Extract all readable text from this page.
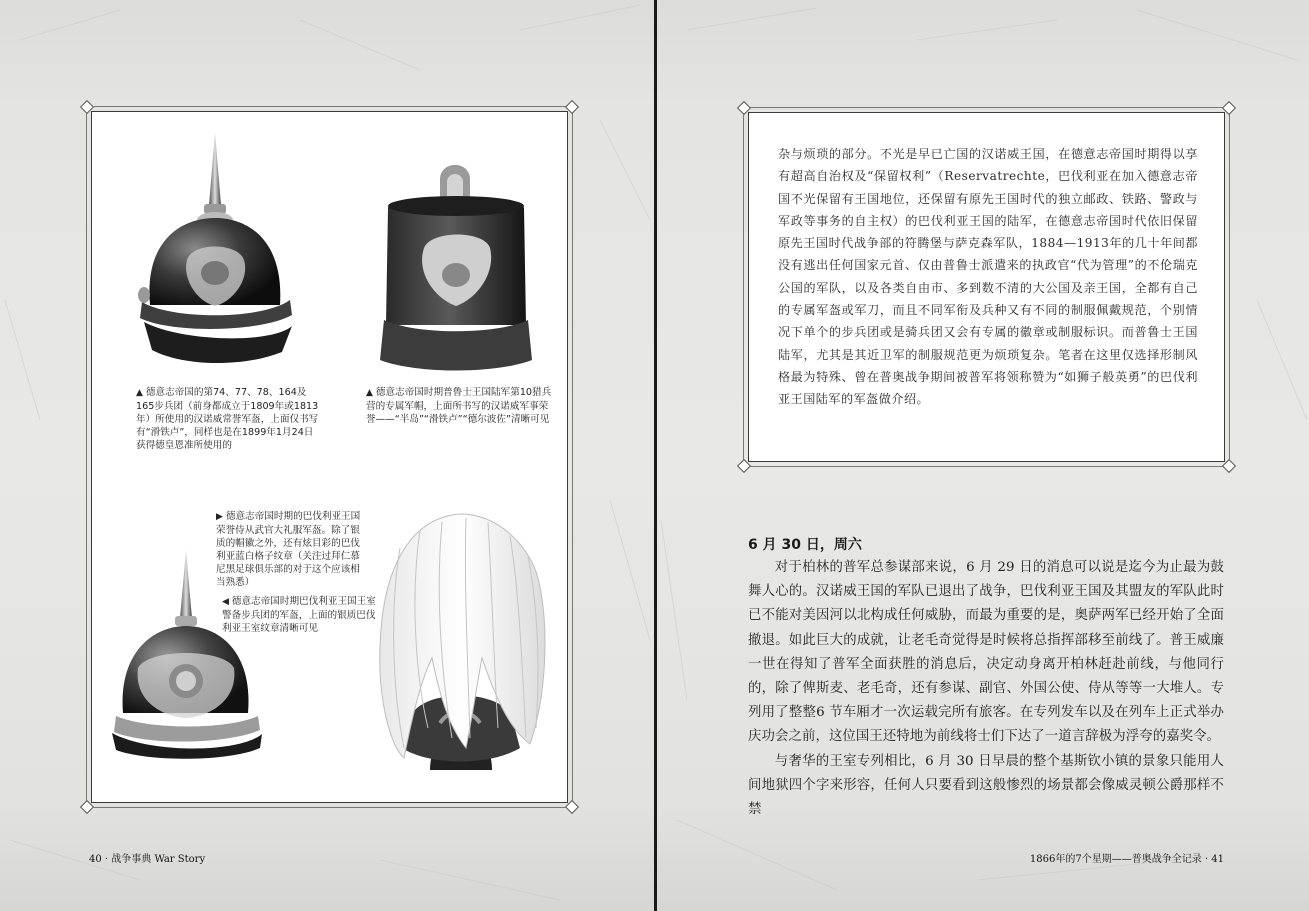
▲ 德意志帝国的第74、77、78、164及165步兵团（前身都成立于1809年或1813年）所使用的汉诺威常誉军盔，上面仅书写有“滑铁卢”，同样也是在1899年1月24日获得德皇恩准所使用的

▲ 德意志帝国时期普鲁士王国陆军第10猎兵营的专属军帽，上面所书写的汉诺威军事荣誉——“半岛”“滑铁卢”“德尔波佐”清晰可见

▶ 德意志帝国时期的巴伐利亚王国荣誉侍从武官大礼服军盔。除了银质的帽徽之外，还有炫目彩的巴伐利亚蓝白格子纹章（关注过拜仁慕尼黑足球俱乐部的对于这个应该相当熟悉）

◀ 德意志帝国时期巴伐利亚王国王室警备步兵团的军盔，上面的银质巴伐利亚王室纹章清晰可见

40 · 战争事典 War Story

杂与烦琐的部分。不光是早已亡国的汉诺威王国，在德意志帝国时期得以享有超高自治权及“保留权利”（Reservatrechte，巴伐利亚在加入德意志帝国不光保留有王国地位，还保留有原先王国时代的独立邮政、铁路、警政与军政等事务的自主权）的巴伐利亚王国的陆军，在德意志帝国时代依旧保留原先王国时代战争部的符腾堡与萨克森军队，1884—1913年的几十年间都没有逃出任何国家元首、仅由普鲁士派遣来的执政官“代为管理”的不伦瑞克公国的军队，以及各类自由市、多到数不清的大公国及亲王国，全都有自己的专属军盔或军刀，而且不同军衔及兵种又有不同的制服佩戴规范，个别情况下单个的步兵团或是骑兵团又会有专属的徽章或制服标识。而普鲁士王国陆军，尤其是其近卫军的制服规范更为烦琐复杂。笔者在这里仅选择形制风格最为特殊、曾在普奥战争期间被普军将领称赞为“如狮子般英勇”的巴伐利亚王国陆军的军盔做介绍。

6 月 30 日，周六

对于柏林的普军总参谋部来说，6 月 29 日的消息可以说是迄今为止最为鼓舞人心的。汉诺威王国的军队已退出了战争，巴伐利亚王国及其盟友的军队此时已不能对美因河以北构成任何威胁，而最为重要的是，奥萨两军已经开始了全面撤退。如此巨大的成就，让老毛奇觉得是时候将总指挥部移至前线了。普王威廉一世在得知了普军全面获胜的消息后，决定动身离开柏林赶赴前线，与他同行的，除了俾斯麦、老毛奇，还有参谋、副官、外国公使、侍从等等一大堆人。专列用了整整6 节车厢才一次运载完所有旅客。在专列发车以及在列车上正式举办庆功会之前，这位国王还特地为前线将士们下达了一道言辞极为浮夸的嘉奖令。

与奢华的王室专列相比，6 月 30 日早晨的整个基斯钦小镇的景象只能用人间地狱四个字来形容，任何人只要看到这般惨烈的场景都会像威灵顿公爵那样不禁

1866年的7个星期——普奥战争全记录 · 41
